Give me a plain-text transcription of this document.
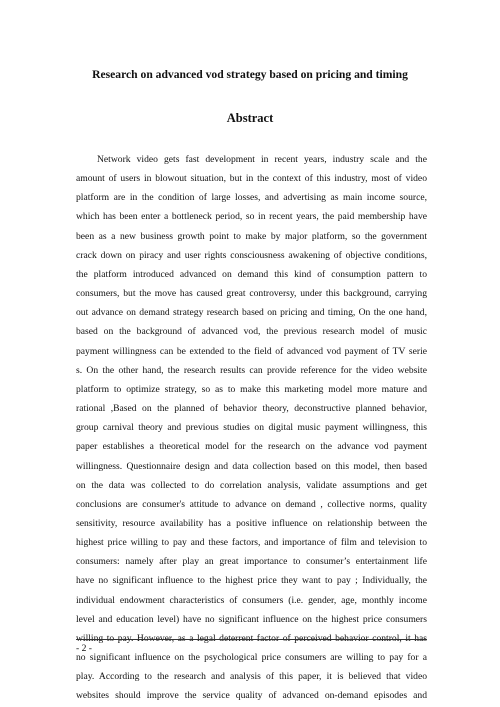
Research on advanced vod strategy based on pricing and timing
Abstract
Network video gets fast development in recent years, industry scale and the
amount of users in blowout situation, but in the context of this industry, most of video
platform are in the condition of large losses, and advertising as main income source,
which has been enter a bottleneck period, so in recent years, the paid membership have
been as a new business growth point to make by major platform, so the government
crack down on piracy and user rights consciousness awakening of objective conditions,
the platform introduced advanced on demand this kind of consumption pattern to
consumers, but the move has caused great controversy, under this background, carrying
out advance on demand strategy research based on pricing and timing, On the one hand,
based on the background of advanced vod, the previous research model of music
payment willingness can be extended to the field of advanced vod payment of TV serie
s. On the other hand, the research results can provide reference for the video website
platform to optimize strategy, so as to make this marketing model more mature and
rational ,Based on the planned of behavior theory, deconstructive planned behavior,
group carnival theory and previous studies on digital music payment willingness, this
paper establishes a theoretical model for the research on the advance vod payment
willingness. Questionnaire design and data collection based on this model, then based
on the data was collected to do correlation analysis, validate assumptions and get
conclusions are consumer's attitude to advance on demand , collective norms, quality
sensitivity, resource availability has a positive influence on relationship between the
highest price willing to pay and these factors, and importance of film and television to
consumers: namely after play an great importance to consumer’s entertainment life
have no significant influence to the highest price they want to pay ; Individually, the
individual endowment characteristics of consumers (i.e. gender, age, monthly income
level and education level) have no significant influence on the highest price consumers
willing to pay. However, as a legal deterrent factor of perceived behavior control, it has
no significant influence on the psychological price consumers are willing to pay for a
play. According to the research and analysis of this paper, it is believed that video
websites should improve the service quality of advanced on-demand episodes and
- 2 -
